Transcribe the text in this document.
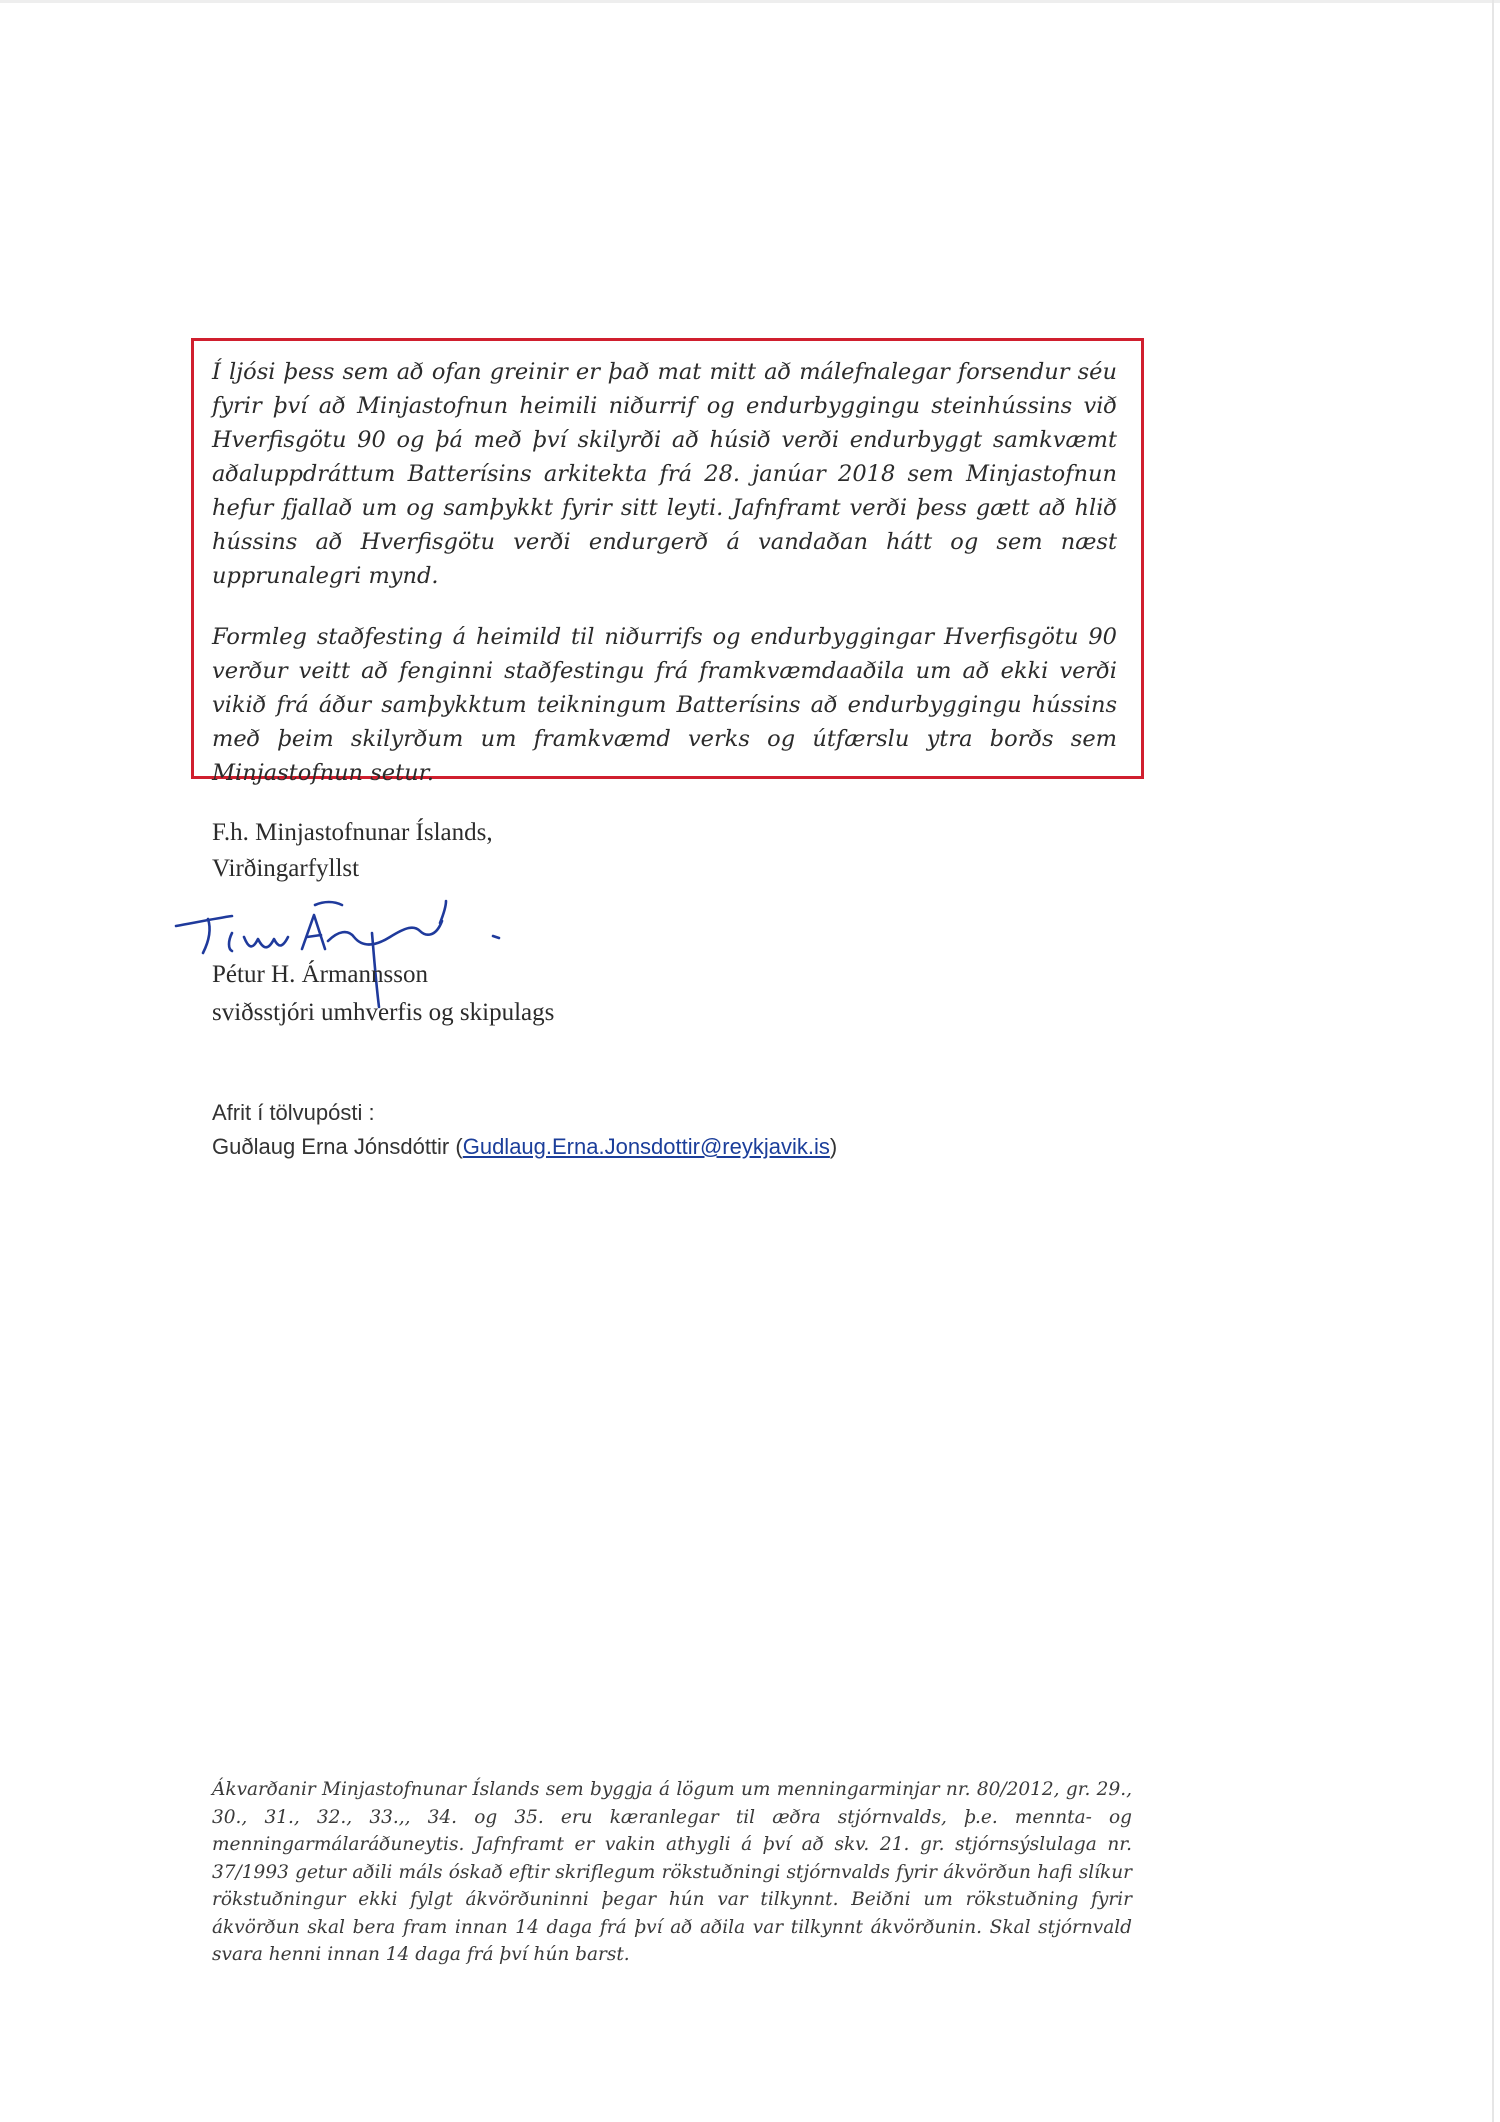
Í ljósi þess sem að ofan greinir er það mat mitt að málefnalegar forsendur séu fyrir því að Minjastofnun heimili niðurrif og endurbyggingu steinhússins við Hverfisgötu 90 og þá með því skilyrði að húsið verði endurbyggt samkvæmt aðaluppdráttum Batterísins arkitekta frá 28. janúar 2018 sem Minjastofnun hefur fjallað um og samþykkt fyrir sitt leyti. Jafnframt verði þess gætt að hlið hússins að Hverfisgötu verði endurgerð á vandaðan hátt og sem næst upprunalegri mynd.

Formleg staðfesting á heimild til niðurrifs og endurbyggingar Hverfisgötu 90 verður veitt að fenginni staðfestingu frá framkvæmdaaðila um að ekki verði vikið frá áður samþykktum teikningum Batterísins að endurbyggingu hússins með þeim skilyrðum um framkvæmd verks og útfærslu ytra borðs sem Minjastofnun setur.

F.h. Minjastofnunar Íslands,
Virðingarfyllst
Pétur H. Ármannsson
sviðsstjóri umhverfis og skipulags
Afrit í tölvupósti :
Guðlaug Erna Jónsdóttir (Gudlaug.Erna.Jonsdottir@reykjavik.is)

Ákvarðanir Minjastofnunar Íslands sem byggja á lögum um menningarminjar nr. 80/2012, gr. 29., 30., 31., 32., 33.,, 34. og 35. eru kæranlegar til æðra stjórnvalds, þ.e. mennta- og menningarmálaráðuneytis. Jafnframt er vakin athygli á því að skv. 21. gr. stjórnsýslulaga nr. 37/1993 getur aðili máls óskað eftir skriflegum rökstuðningi stjórnvalds fyrir ákvörðun hafi slíkur rökstuðningur ekki fylgt ákvörðuninni þegar hún var tilkynnt. Beiðni um rökstuðning fyrir ákvörðun skal bera fram innan 14 daga frá því að aðila var tilkynnt ákvörðunin. Skal stjórnvald svara henni innan 14 daga frá því hún barst.
